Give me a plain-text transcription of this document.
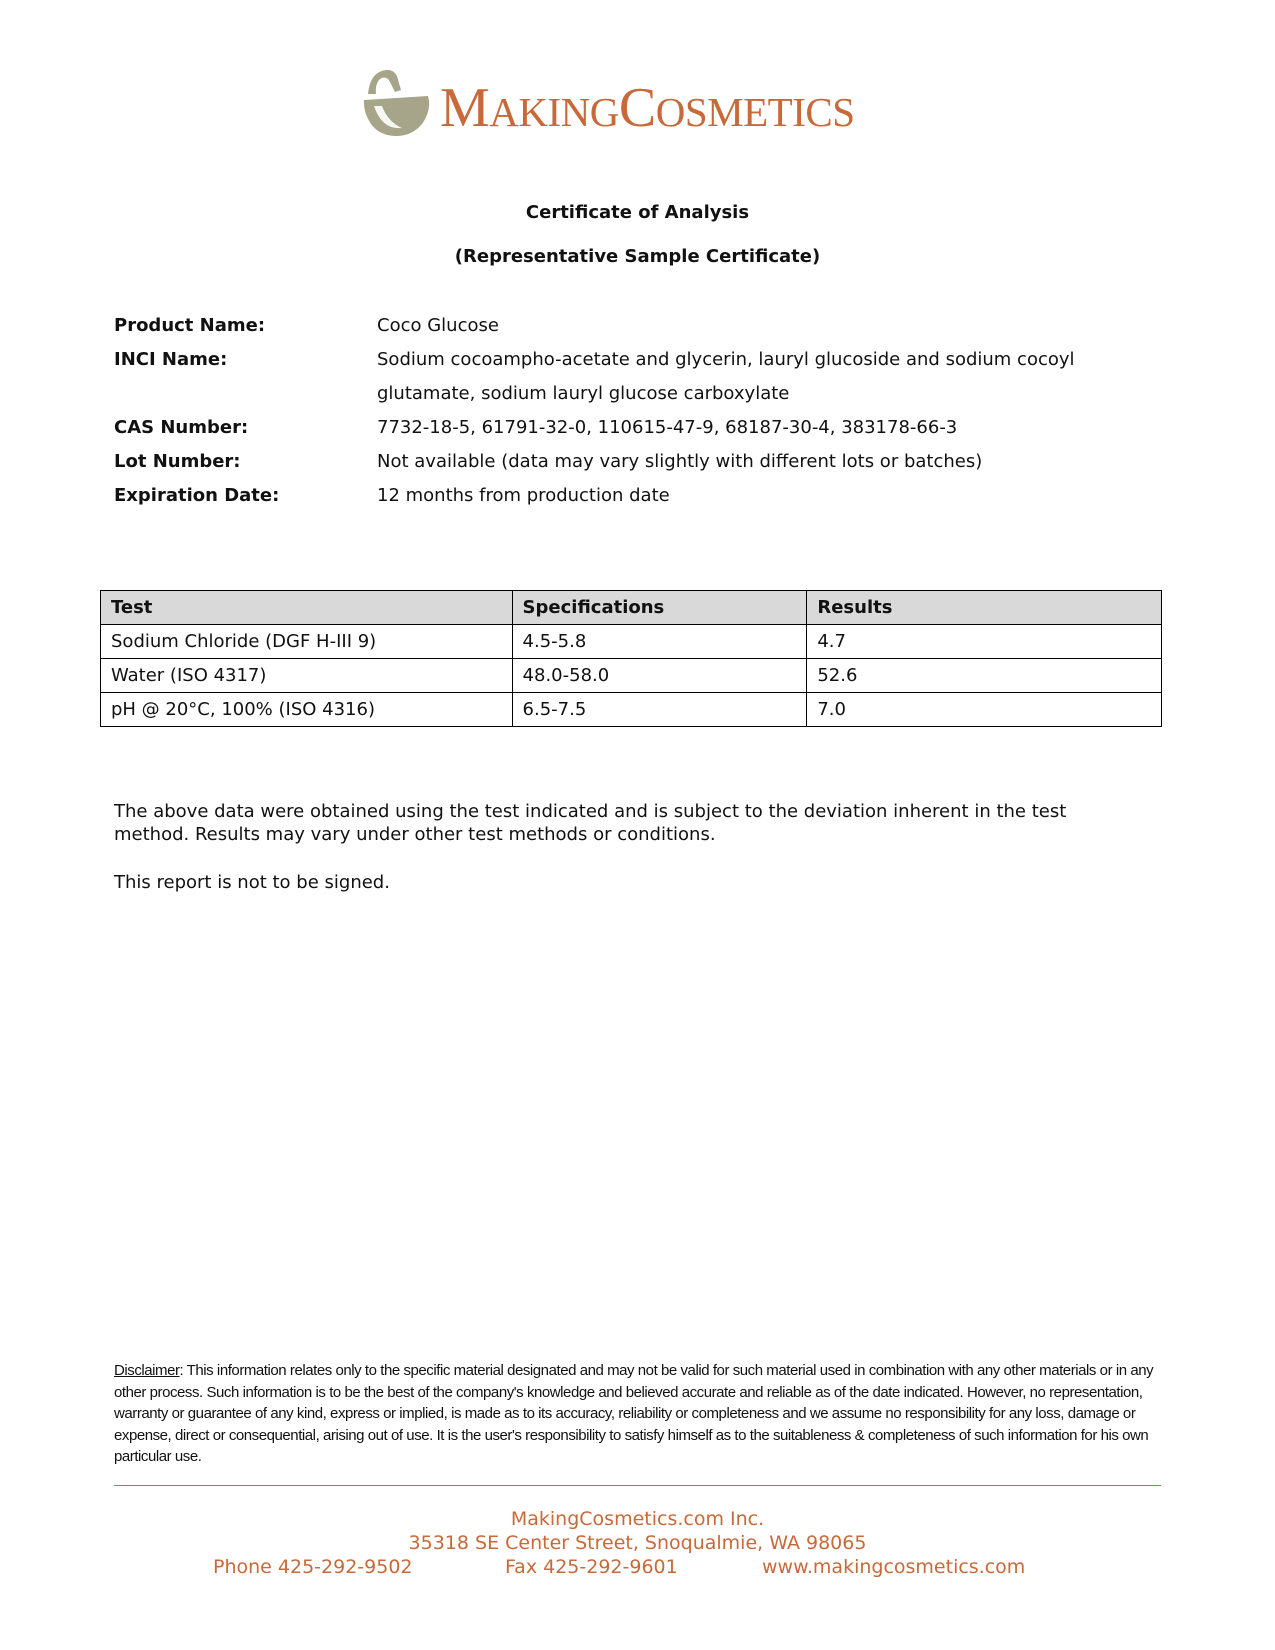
MAKINGCOSMETICS
Certificate of Analysis
(Representative Sample Certificate)
Product Name:	Coco Glucose
INCI Name:	Sodium cocoampho-acetate and glycerin, lauryl glucoside and sodium cocoyl glutamate, sodium lauryl glucose carboxylate
CAS Number:	7732-18-5, 61791-32-0, 110615-47-9, 68187-30-4, 383178-66-3
Lot Number:	Not available (data may vary slightly with different lots or batches)
Expiration Date:	12 months from production date
Test	Specifications	Results
Sodium Chloride (DGF H-III 9)	4.5-5.8	4.7
Water (ISO 4317)	48.0-58.0	52.6
pH @ 20°C, 100% (ISO 4316)	6.5-7.5	7.0
The above data were obtained using the test indicated and is subject to the deviation inherent in the test method. Results may vary under other test methods or conditions.
This report is not to be signed.
Disclaimer: This information relates only to the specific material designated and may not be valid for such material used in combination with any other materials or in any other process. Such information is to be the best of the company's knowledge and believed accurate and reliable as of the date indicated. However, no representation, warranty or guarantee of any kind, express or implied, is made as to its accuracy, reliability or completeness and we assume no responsibility for any loss, damage or expense, direct or consequential, arising out of use. It is the user's responsibility to satisfy himself as to the suitableness & completeness of such information for his own particular use.
MakingCosmetics.com Inc.
35318 SE Center Street, Snoqualmie, WA 98065
Phone 425-292-9502	Fax 425-292-9601	www.makingcosmetics.com
